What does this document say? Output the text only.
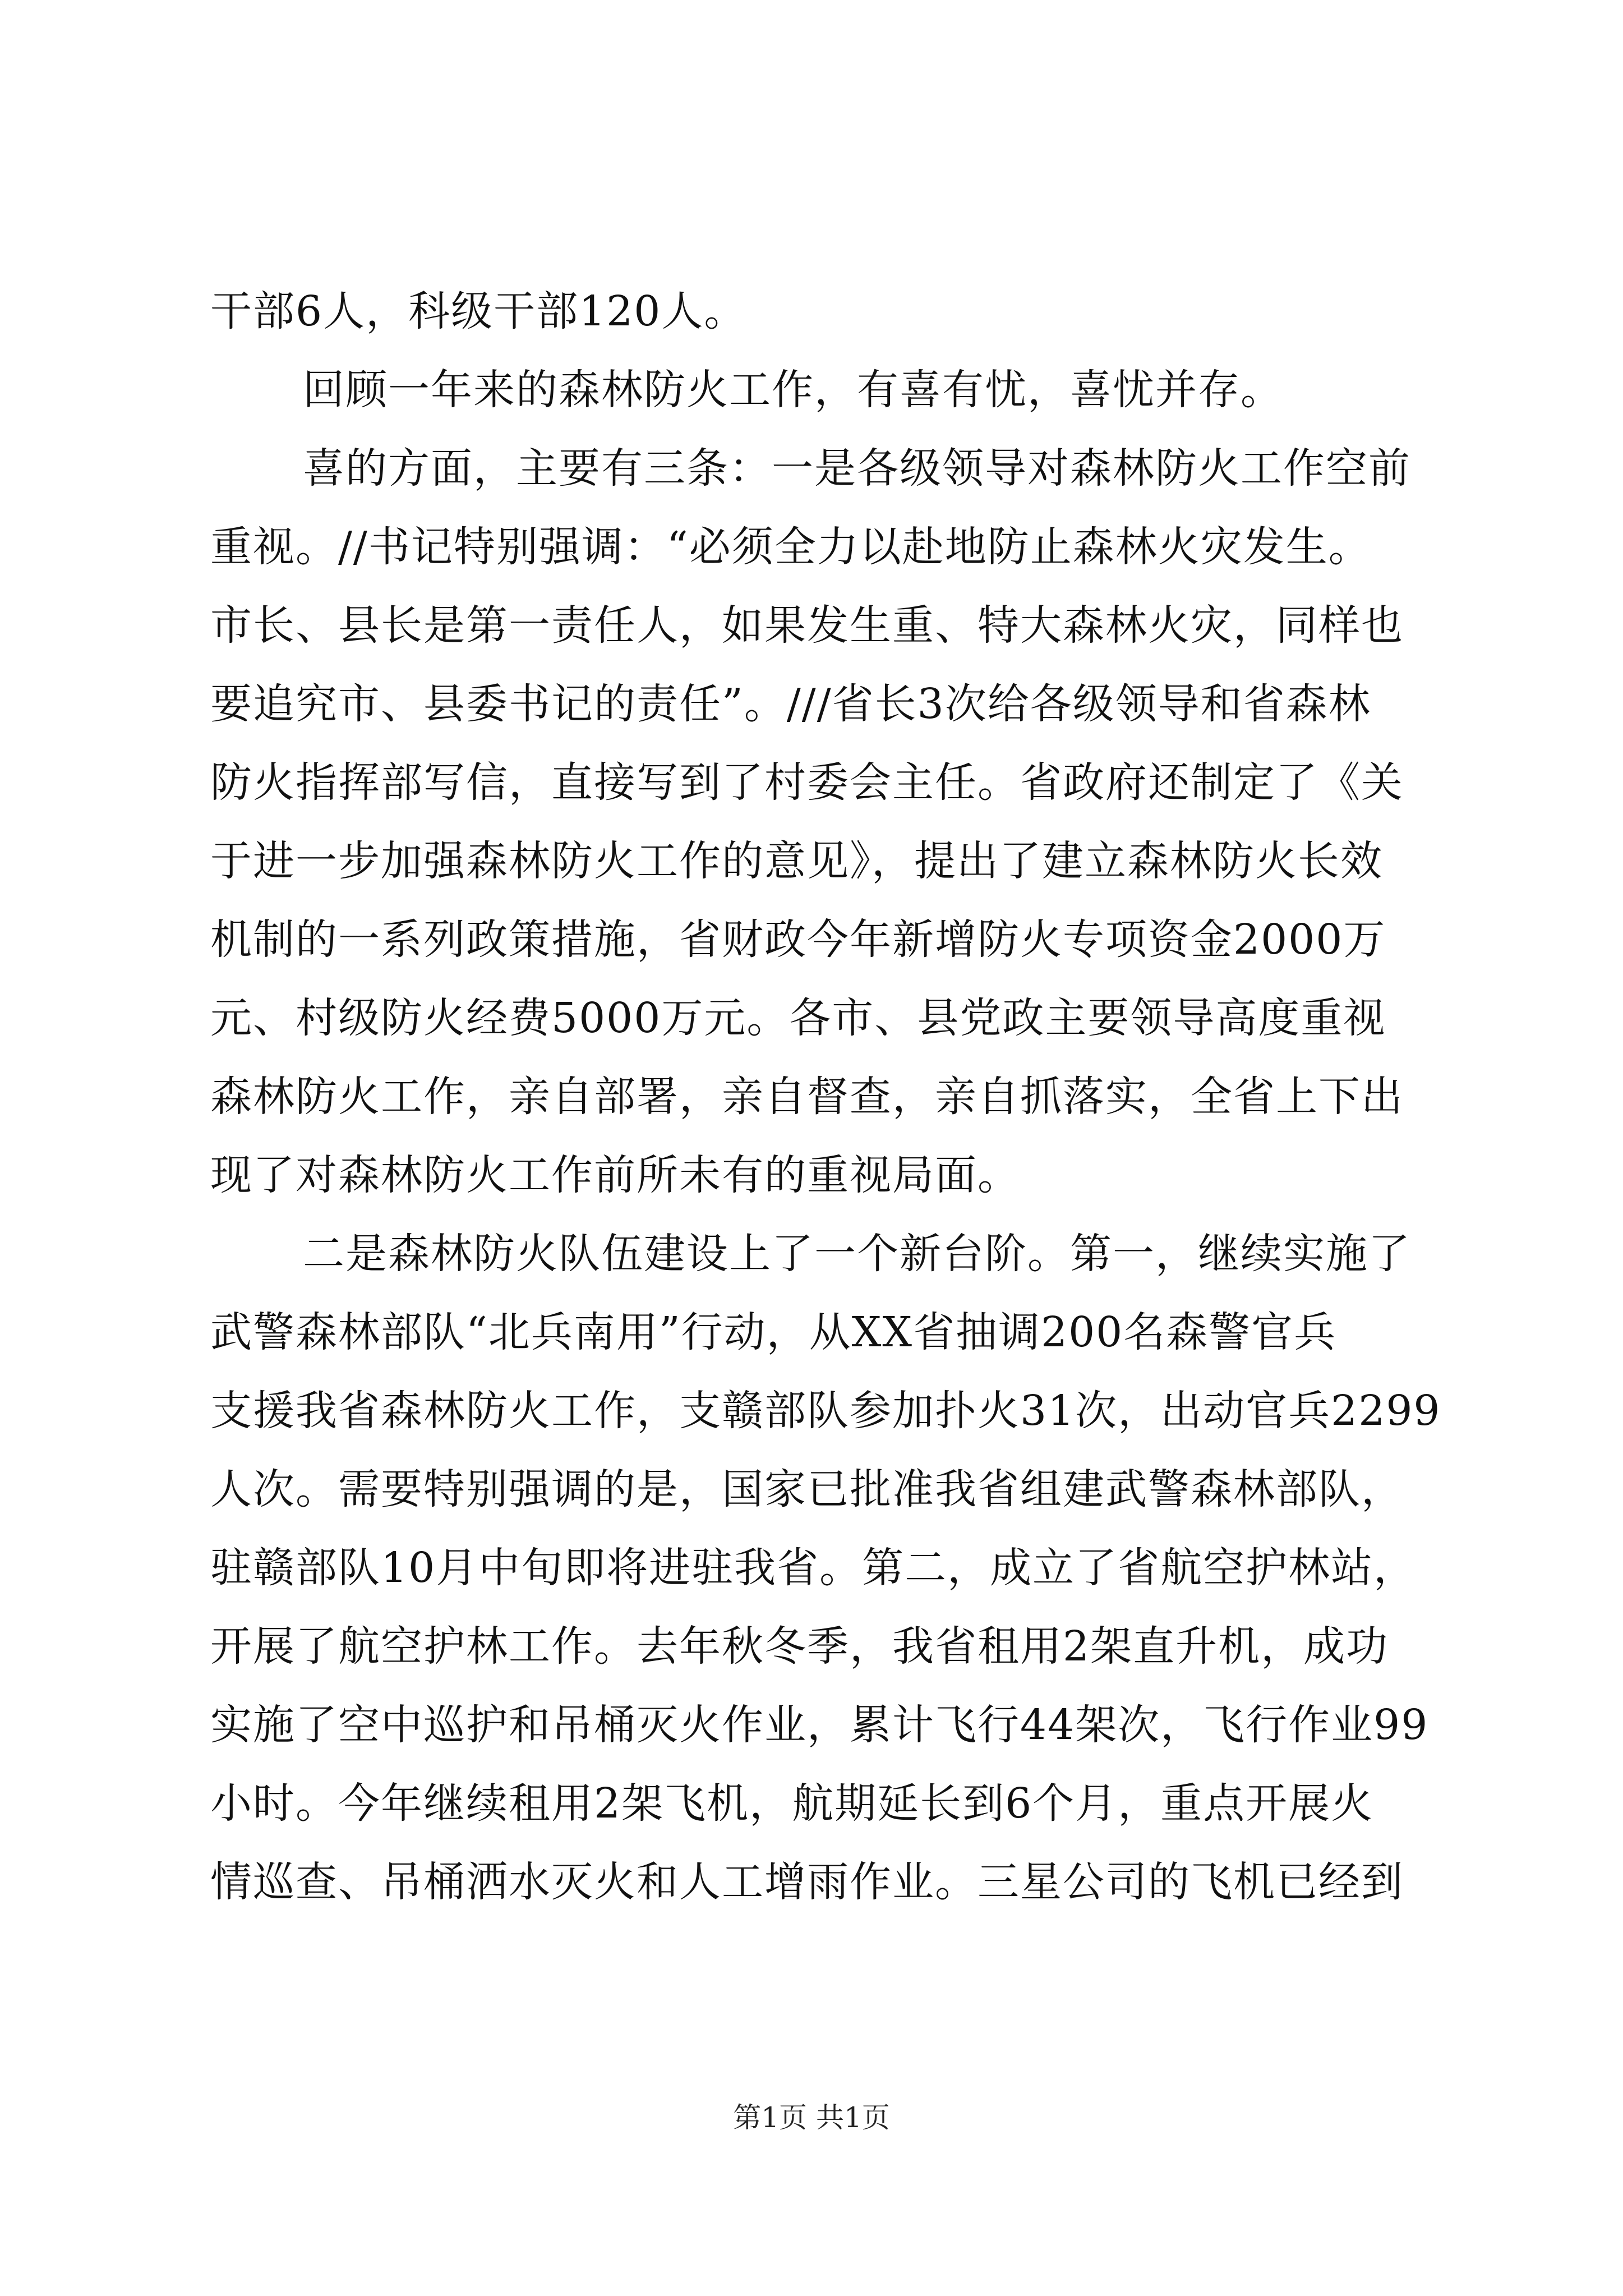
干部6人，科级干部120人。
回顾一年来的森林防火工作，有喜有忧，喜忧并存。
喜的方面，主要有三条：一是各级领导对森林防火工作空前
重视。//书记特别强调：“必须全力以赴地防止森林火灾发生。
市长、县长是第一责任人，如果发生重、特大森林火灾，同样也
要追究市、县委书记的责任”。///省长3次给各级领导和省森林
防火指挥部写信，直接写到了村委会主任。省政府还制定了《关
于进一步加强森林防火工作的意见》，提出了建立森林防火长效
机制的一系列政策措施，省财政今年新增防火专项资金2000万
元、村级防火经费5000万元。各市、县党政主要领导高度重视
森林防火工作，亲自部署，亲自督查，亲自抓落实，全省上下出
现了对森林防火工作前所未有的重视局面。
二是森林防火队伍建设上了一个新台阶。第一，继续实施了
武警森林部队“北兵南用”行动，从XX省抽调200名森警官兵
支援我省森林防火工作，支赣部队参加扑火31次，出动官兵2299
人次。需要特别强调的是，国家已批准我省组建武警森林部队，
驻赣部队10月中旬即将进驻我省。第二，成立了省航空护林站，
开展了航空护林工作。去年秋冬季，我省租用2架直升机，成功
实施了空中巡护和吊桶灭火作业，累计飞行44架次，飞行作业99
小时。今年继续租用2架飞机，航期延长到6个月，重点开展火
情巡查、吊桶洒水灭火和人工增雨作业。三星公司的飞机已经到
第1页 共1页
